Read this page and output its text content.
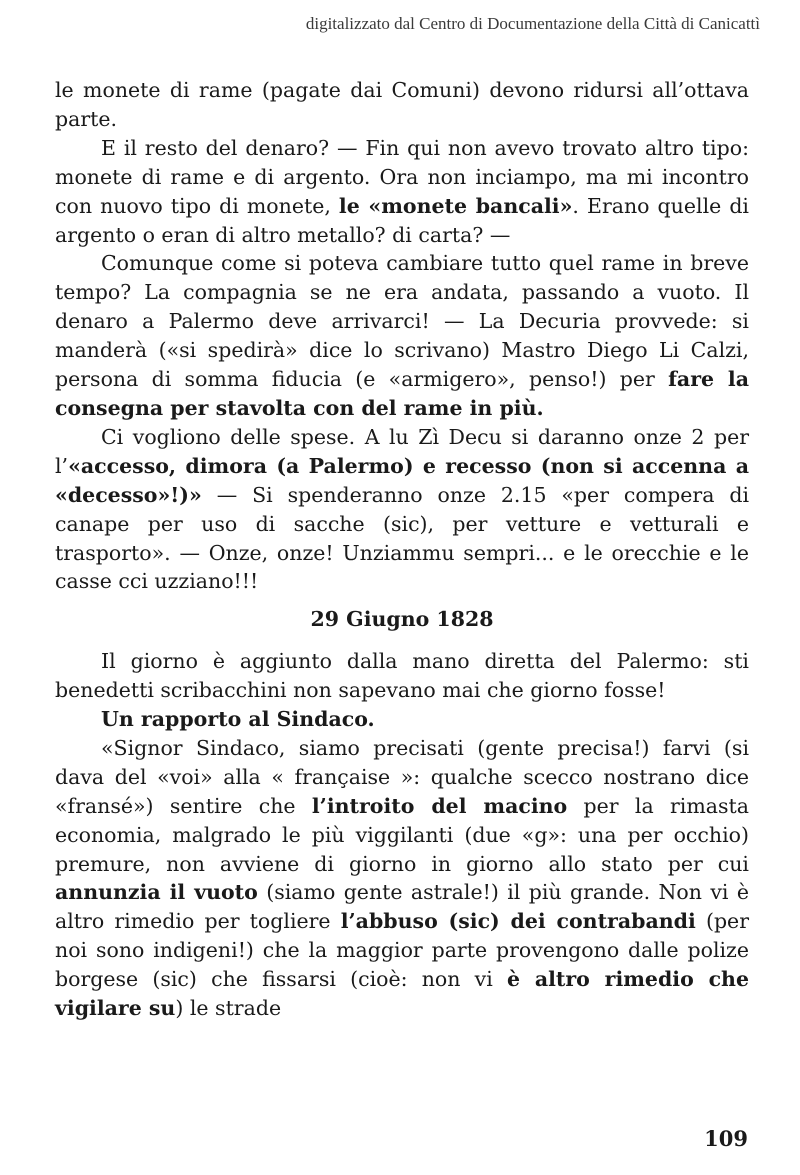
digitalizzato dal Centro di Documentazione della Città di Canicattì

le monete di rame (pagate dai Comuni) devono ridursi all’ottava parte.

E il resto del denaro? — Fin qui non avevo trovato altro tipo: monete di rame e di argento. Ora non inciampo, ma mi incontro con nuovo tipo di monete, le «monete bancali». Erano quelle di argento o eran di altro metallo? di carta? —

Comunque come si poteva cambiare tutto quel rame in breve tempo? La compagnia se ne era andata, passando a vuoto. Il denaro a Palermo deve arrivarci! — La Decuria provvede: si manderà («si spedirà» dice lo scrivano) Mastro Diego Li Calzi, persona di somma fiducia (e «armigero», penso!) per fare la consegna per stavolta con del rame in più.

Ci vogliono delle spese. A lu Zì Decu si daranno onze 2 per l’«accesso, dimora (a Palermo) e recesso (non si accenna a «decesso»!)» — Si spenderanno onze 2.15 «per compera di canape per uso di sacche (sic), per vetture e vetturali e trasporto». — Onze, onze! Unziammu sempri... e le orecchie e le casse cci uzziano!!!

29 Giugno 1828

Il giorno è aggiunto dalla mano diretta del Palermo: sti benedetti scribacchini non sapevano mai che giorno fosse!

Un rapporto al Sindaco.

«Signor Sindaco, siamo precisati (gente precisa!) farvi (si dava del «voi» alla « française »: qualche scecco nostrano dice «fransé») sentire che l’introito del macino per la rimasta economia, malgrado le più viggilanti (due «g»: una per occhio) premure, non avviene di giorno in giorno allo stato per cui annunzia il vuoto (siamo gente astrale!) il più grande. Non vi è altro rimedio per togliere l’abbuso (sic) dei contrabandi (per noi sono indigeni!) che la maggior parte provengono dalle polize borgese (sic) che fissarsi (cioè: non vi è altro rimedio che vigilare su) le strade

109
